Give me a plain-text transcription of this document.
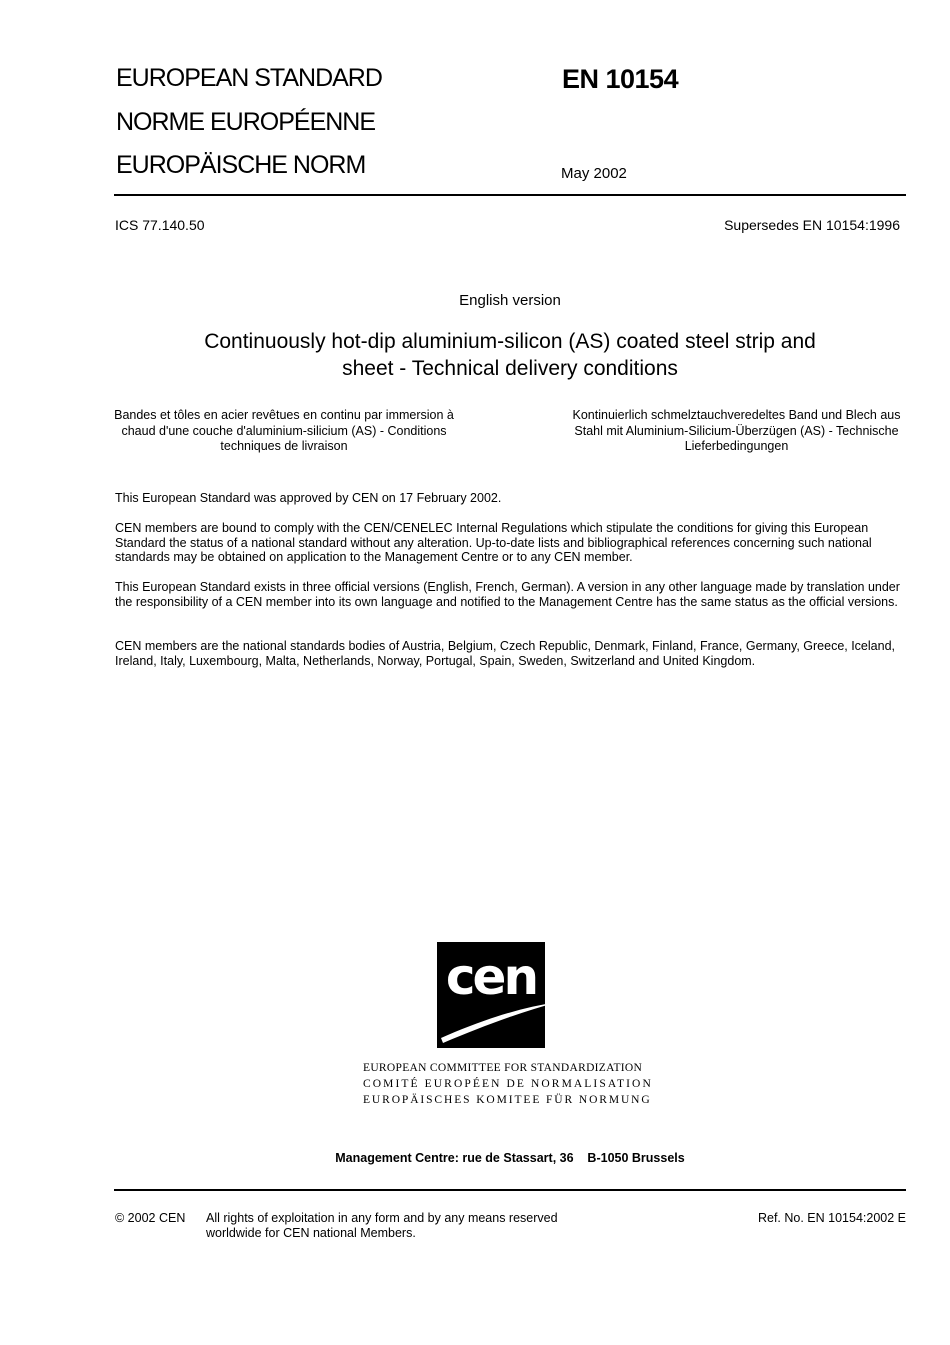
EUROPEAN STANDARD
NORME EUROPÉENNE
EUROPÄISCHE NORM
EN 10154
May 2002
ICS 77.140.50	Supersedes EN 10154:1996
English version
Continuously hot-dip aluminium-silicon (AS) coated steel strip and sheet - Technical delivery conditions
Bandes et tôles en acier revêtues en continu par immersion à chaud d'une couche d'aluminium-silicium (AS) - Conditions techniques de livraison
Kontinuierlich schmelztauchveredeltes Band und Blech aus Stahl mit Aluminium-Silicium-Überzügen (AS) - Technische Lieferbedingungen
This European Standard was approved by CEN on 17 February 2002.
CEN members are bound to comply with the CEN/CENELEC Internal Regulations which stipulate the conditions for giving this European Standard the status of a national standard without any alteration. Up-to-date lists and bibliographical references concerning such national standards may be obtained on application to the Management Centre or to any CEN member.
This European Standard exists in three official versions (English, French, German). A version in any other language made by translation under the responsibility of a CEN member into its own language and notified to the Management Centre has the same status as the official versions.
CEN members are the national standards bodies of Austria, Belgium, Czech Republic, Denmark, Finland, France, Germany, Greece, Iceland, Ireland, Italy, Luxembourg, Malta, Netherlands, Norway, Portugal, Spain, Sweden, Switzerland and United Kingdom.
cen
EUROPEAN COMMITTEE FOR STANDARDIZATION
COMITÉ EUROPÉEN DE NORMALISATION
EUROPÄISCHES KOMITEE FÜR NORMUNG
Management Centre: rue de Stassart, 36    B-1050 Brussels
© 2002 CEN All rights of exploitation in any form and by any means reserved worldwide for CEN national Members.
Ref. No. EN 10154:2002 E
